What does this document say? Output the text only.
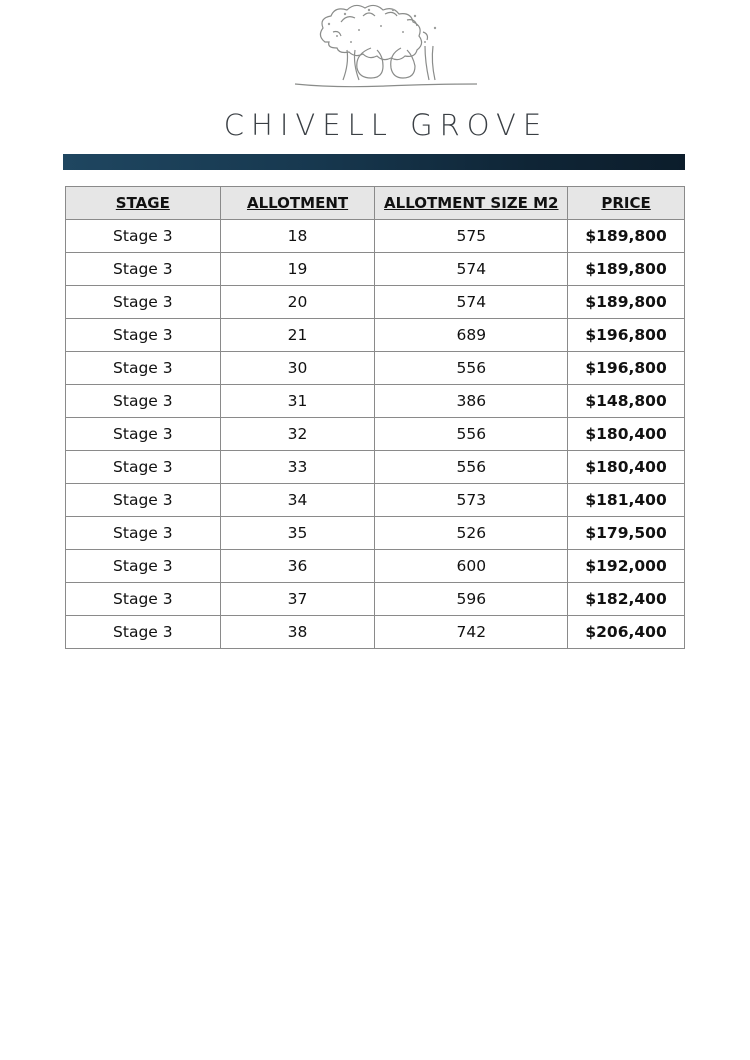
CHIVELL GROVE
STAGE	ALLOTMENT	ALLOTMENT SIZE M2	PRICE
Stage 3	18	575	$189,800
Stage 3	19	574	$189,800
Stage 3	20	574	$189,800
Stage 3	21	689	$196,800
Stage 3	30	556	$196,800
Stage 3	31	386	$148,800
Stage 3	32	556	$180,400
Stage 3	33	556	$180,400
Stage 3	34	573	$181,400
Stage 3	35	526	$179,500
Stage 3	36	600	$192,000
Stage 3	37	596	$182,400
Stage 3	38	742	$206,400
